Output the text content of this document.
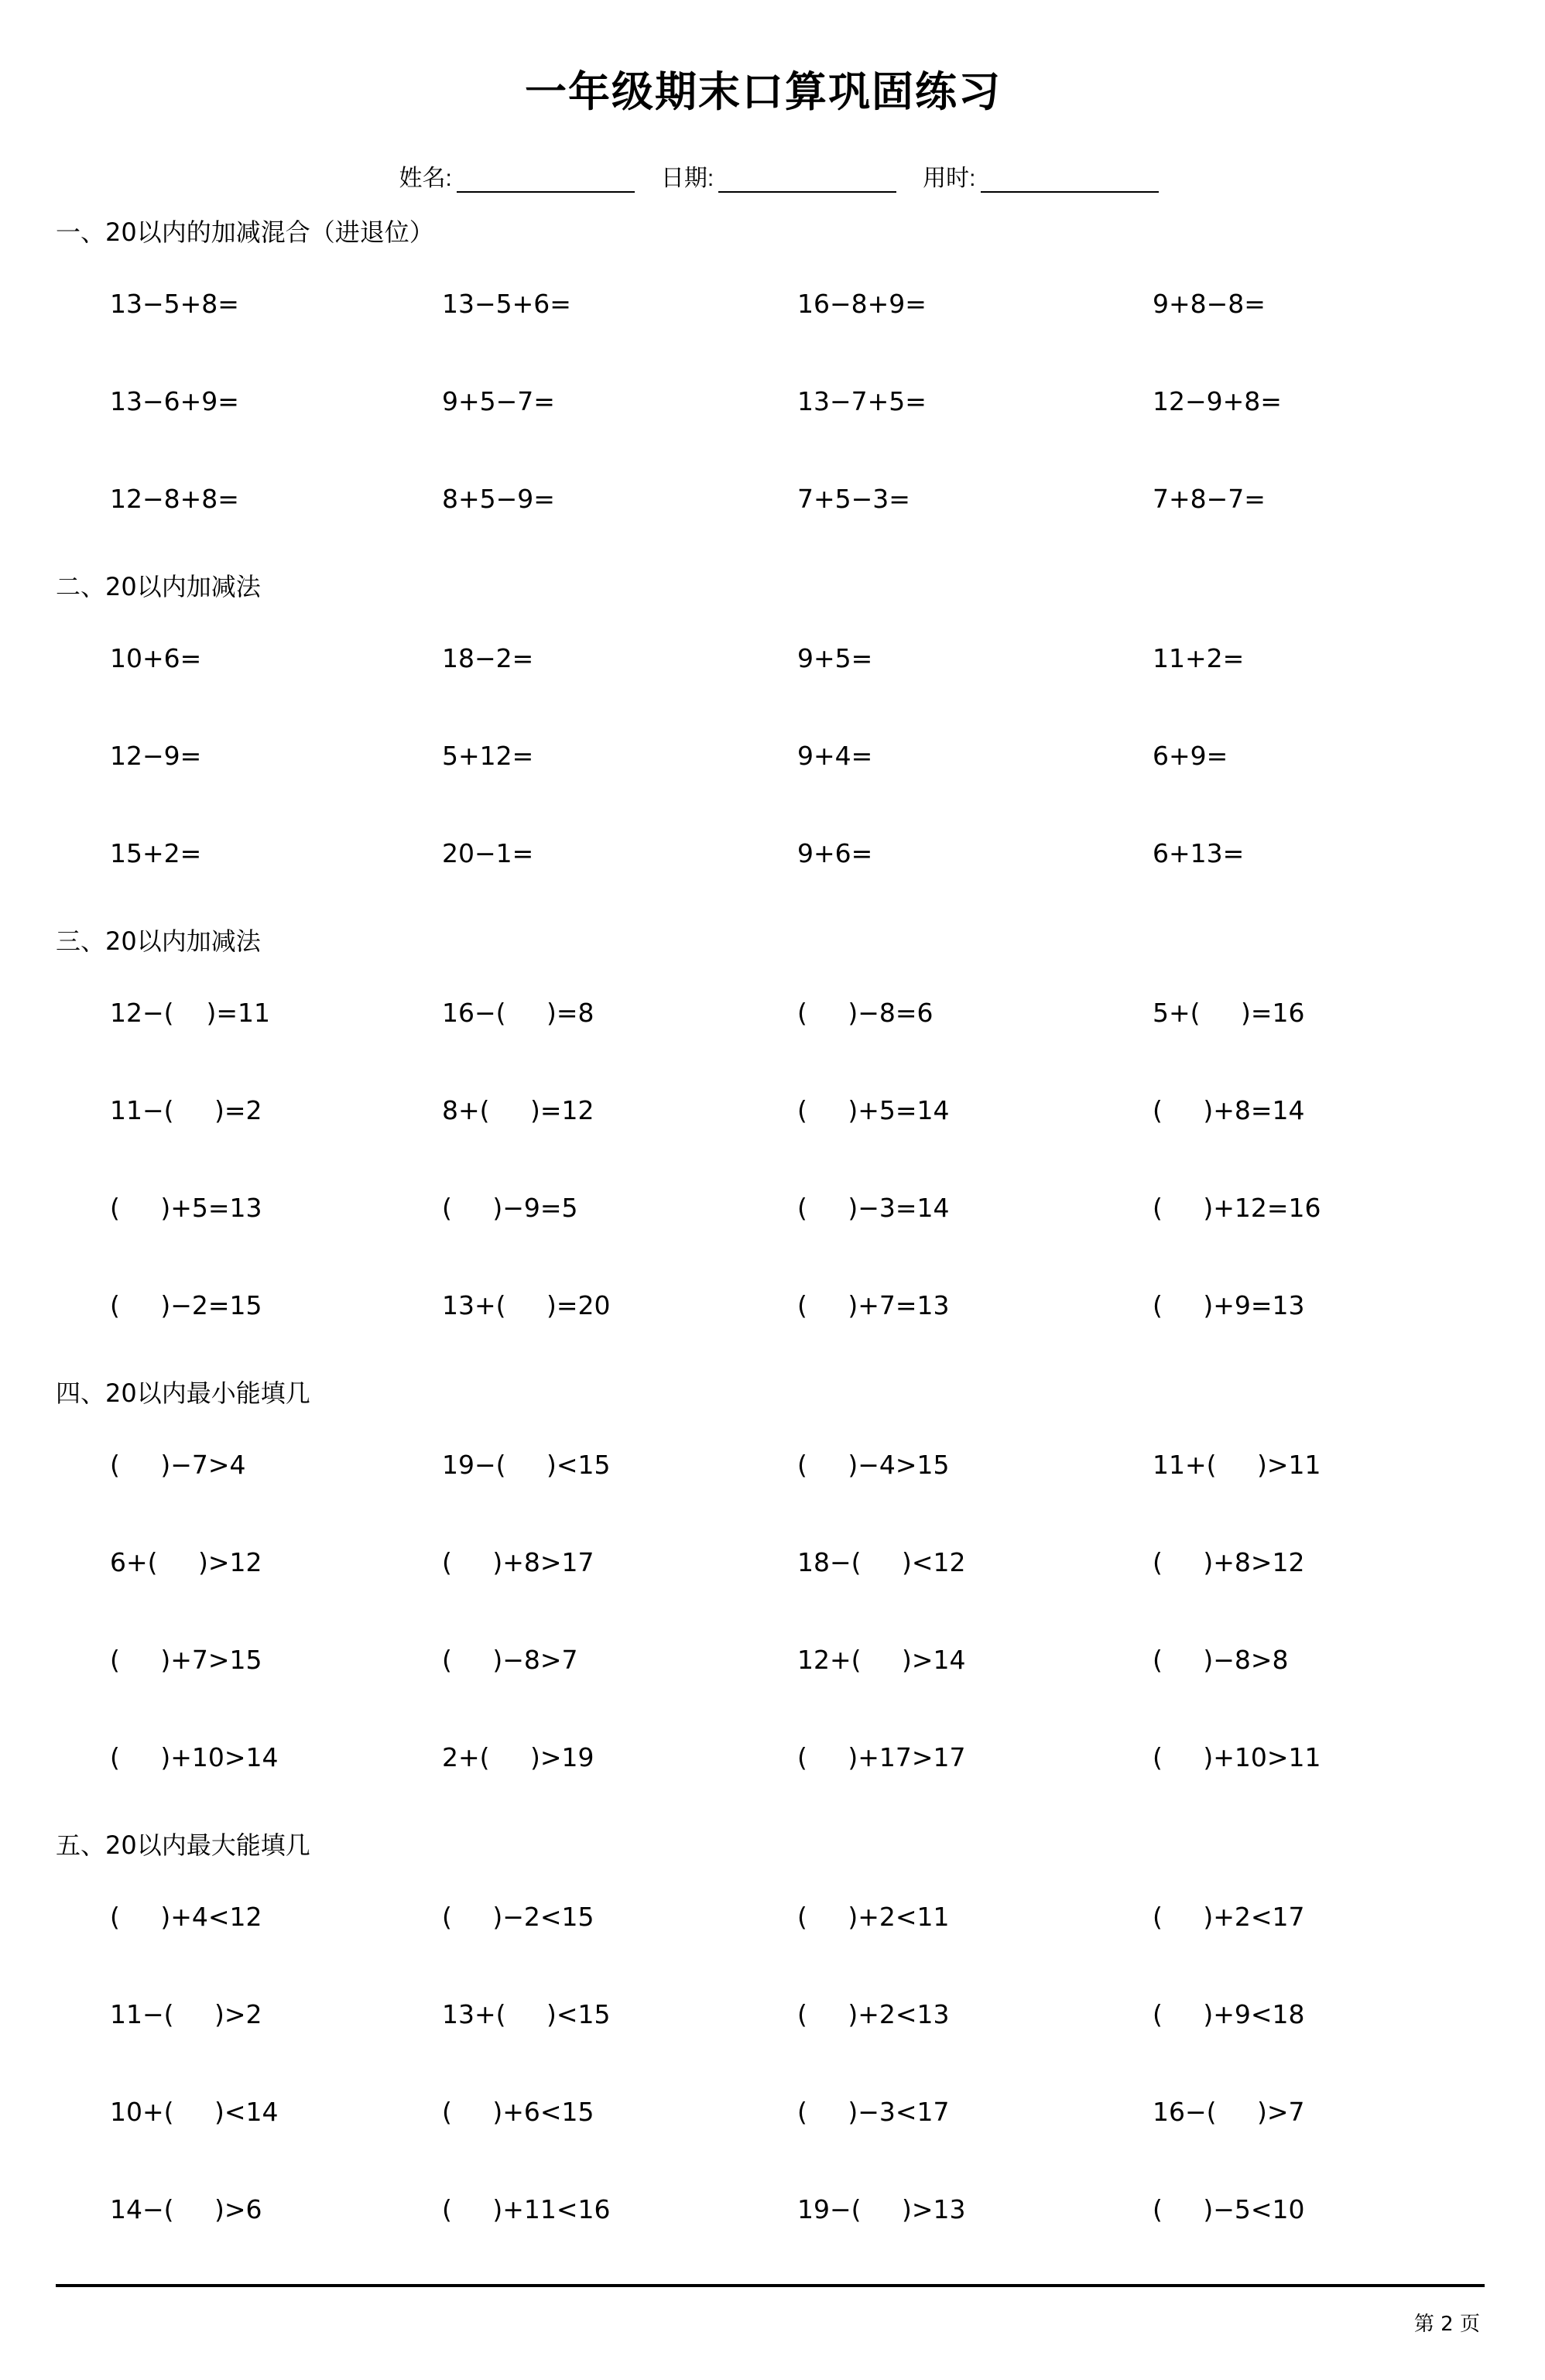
一年级期末口算巩固练习
姓名:	日期:	用时:
一、20以内的加减混合（进退位）
13−5+8=	13−5+6=	16−8+9=	9+8−8=
13−6+9=	9+5−7=	13−7+5=	12−9+8=
12−8+8=	8+5−9=	7+5−3=	7+8−7=
二、20以内加减法
10+6=	18−2=	9+5=	11+2=
12−9=	5+12=	9+4=	6+9=
15+2=	20−1=	9+6=	6+13=
三、20以内加减法
12−(    )=11	16−(     )=8	(     )−8=6	5+(     )=16
11−(     )=2	8+(     )=12	(     )+5=14	(     )+8=14
(     )+5=13	(     )−9=5	(     )−3=14	(     )+12=16
(     )−2=15	13+(     )=20	(     )+7=13	(     )+9=13
四、20以内最小能填几
(     )−7>4	19−(     )<15	(     )−4>15	11+(     )>11
6+(     )>12	(     )+8>17	18−(     )<12	(     )+8>12
(     )+7>15	(     )−8>7	12+(     )>14	(     )−8>8
(     )+10>14	2+(     )>19	(     )+17>17	(     )+10>11
五、20以内最大能填几
(     )+4<12	(     )−2<15	(     )+2<11	(     )+2<17
11−(     )>2	13+(     )<15	(     )+2<13	(     )+9<18
10+(     )<14	(     )+6<15	(     )−3<17	16−(     )>7
14−(     )>6	(     )+11<16	19−(     )>13	(     )−5<10
第 2 页
